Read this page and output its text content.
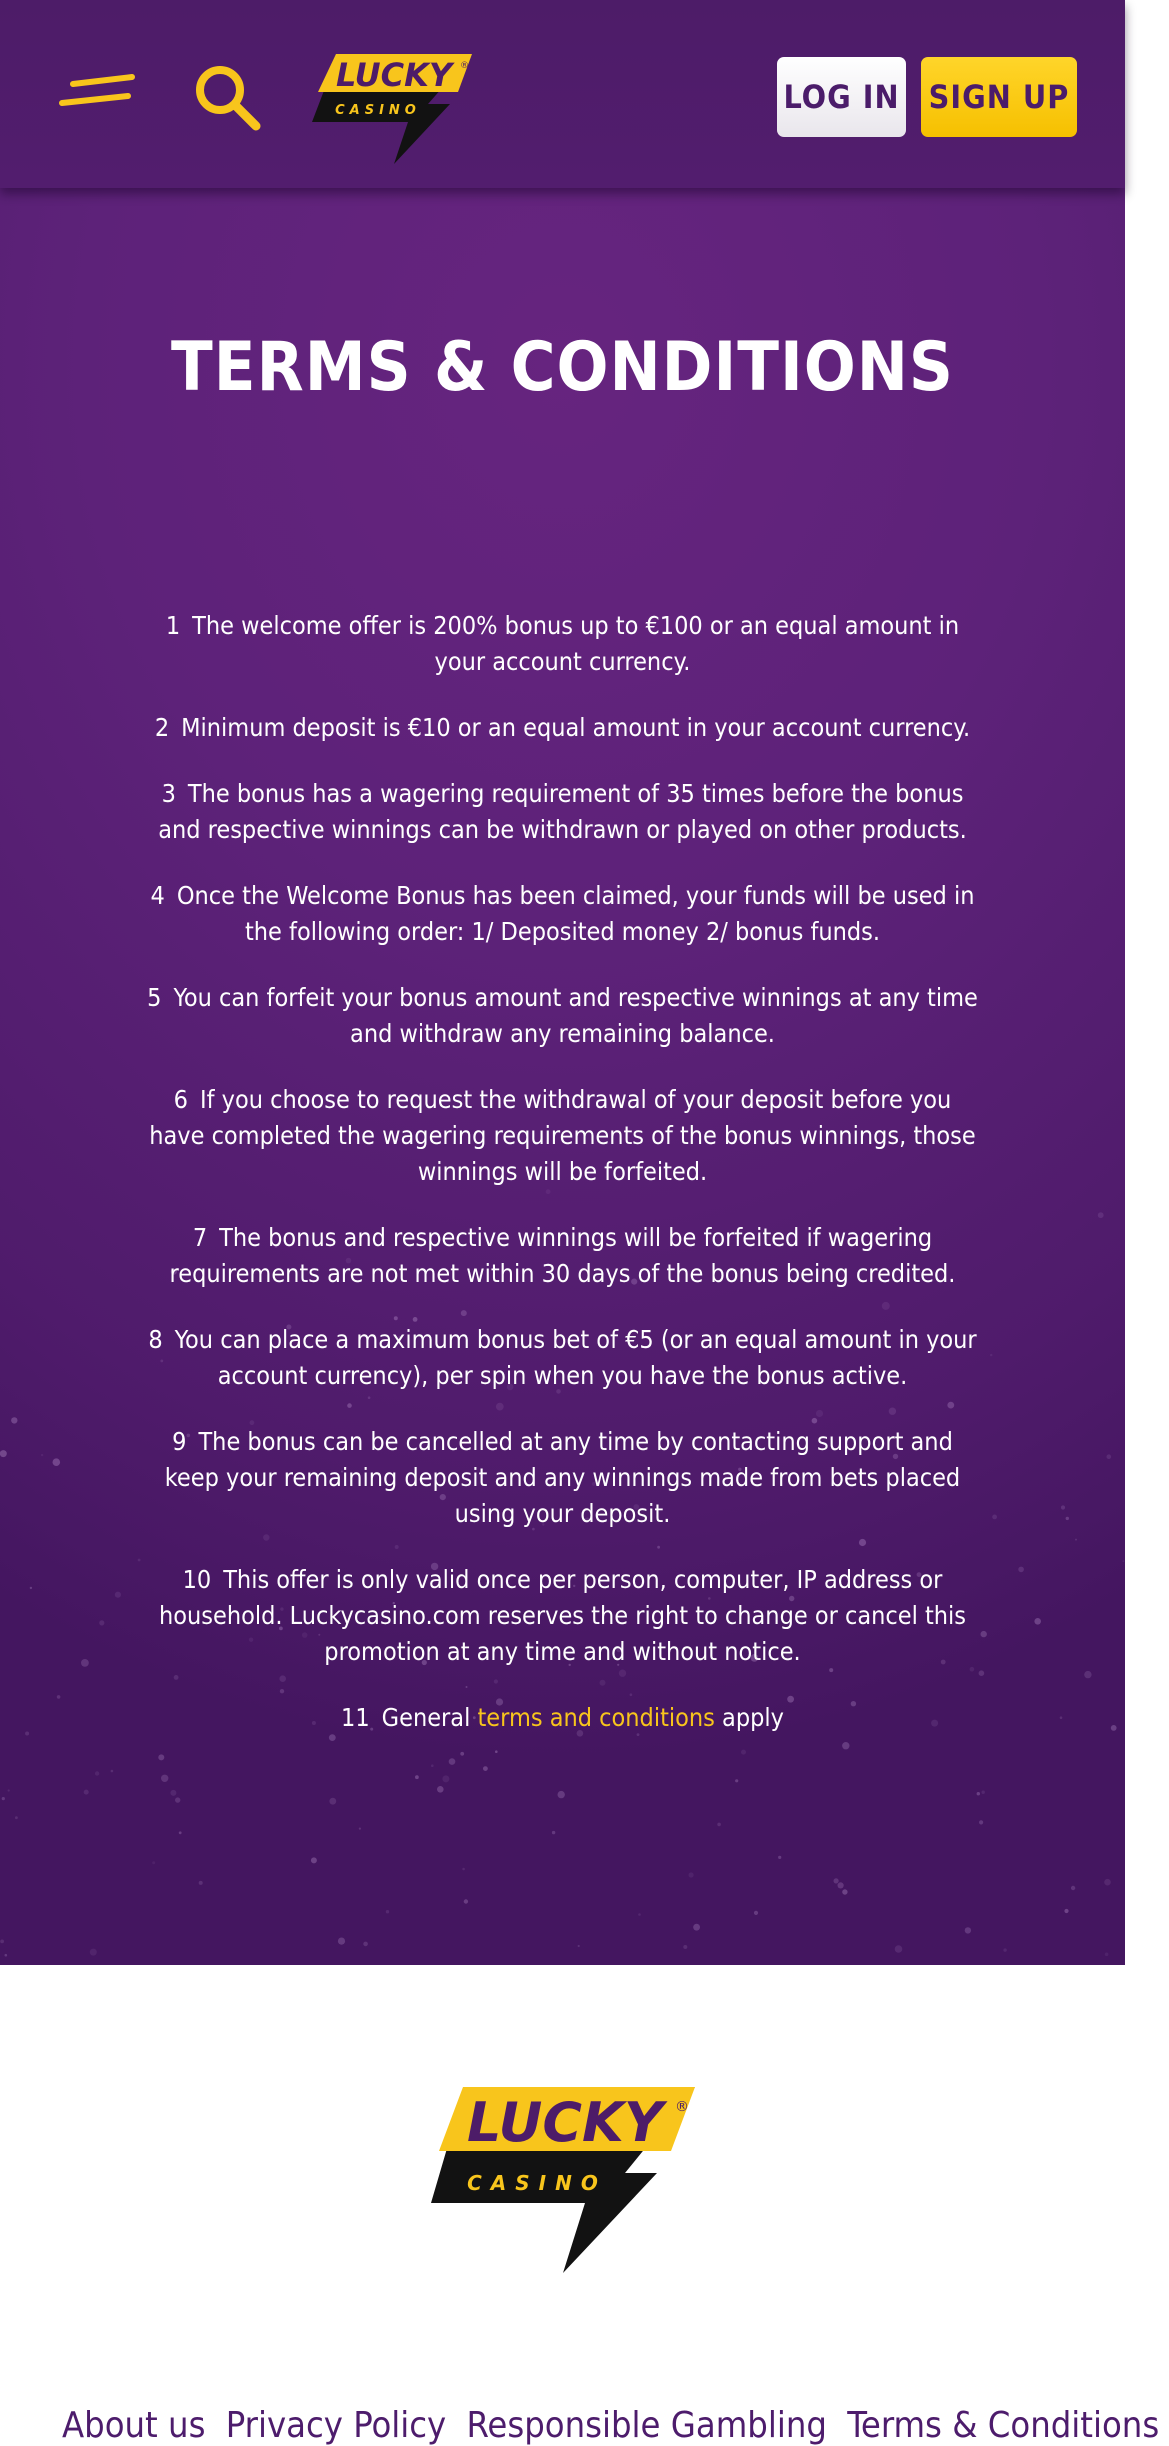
LUCKY ®
CASINO	LOG IN SIGN UP
TERMS & CONDITIONS
1 The welcome offer is 200% bonus up to €100 or an equal amount in your account currency.
2 Minimum deposit is €10 or an equal amount in your account currency.
3 The bonus has a wagering requirement of 35 times before the bonus and respective winnings can be withdrawn or played on other products.
4 Once the Welcome Bonus has been claimed, your funds will be used in the following order: 1/ Deposited money 2/ bonus funds.
5 You can forfeit your bonus amount and respective winnings at any time and withdraw any remaining balance.
6 If you choose to request the withdrawal of your deposit before you have completed the wagering requirements of the bonus winnings, those winnings will be forfeited.
7 The bonus and respective winnings will be forfeited if wagering requirements are not met within 30 days of the bonus being credited.
8 You can place a maximum bonus bet of €5 (or an equal amount in your account currency), per spin when you have the bonus active.
9 The bonus can be cancelled at any time by contacting support and keep your remaining deposit and any winnings made from bets placed using your deposit.
10 This offer is only valid once per person, computer, IP address or household. Luckycasino.com reserves the right to change or cancel this promotion at any time and without notice.
11 General terms and conditions apply
LUCKY ®
CASINO
About us Privacy Policy Responsible Gambling Terms & Conditions
